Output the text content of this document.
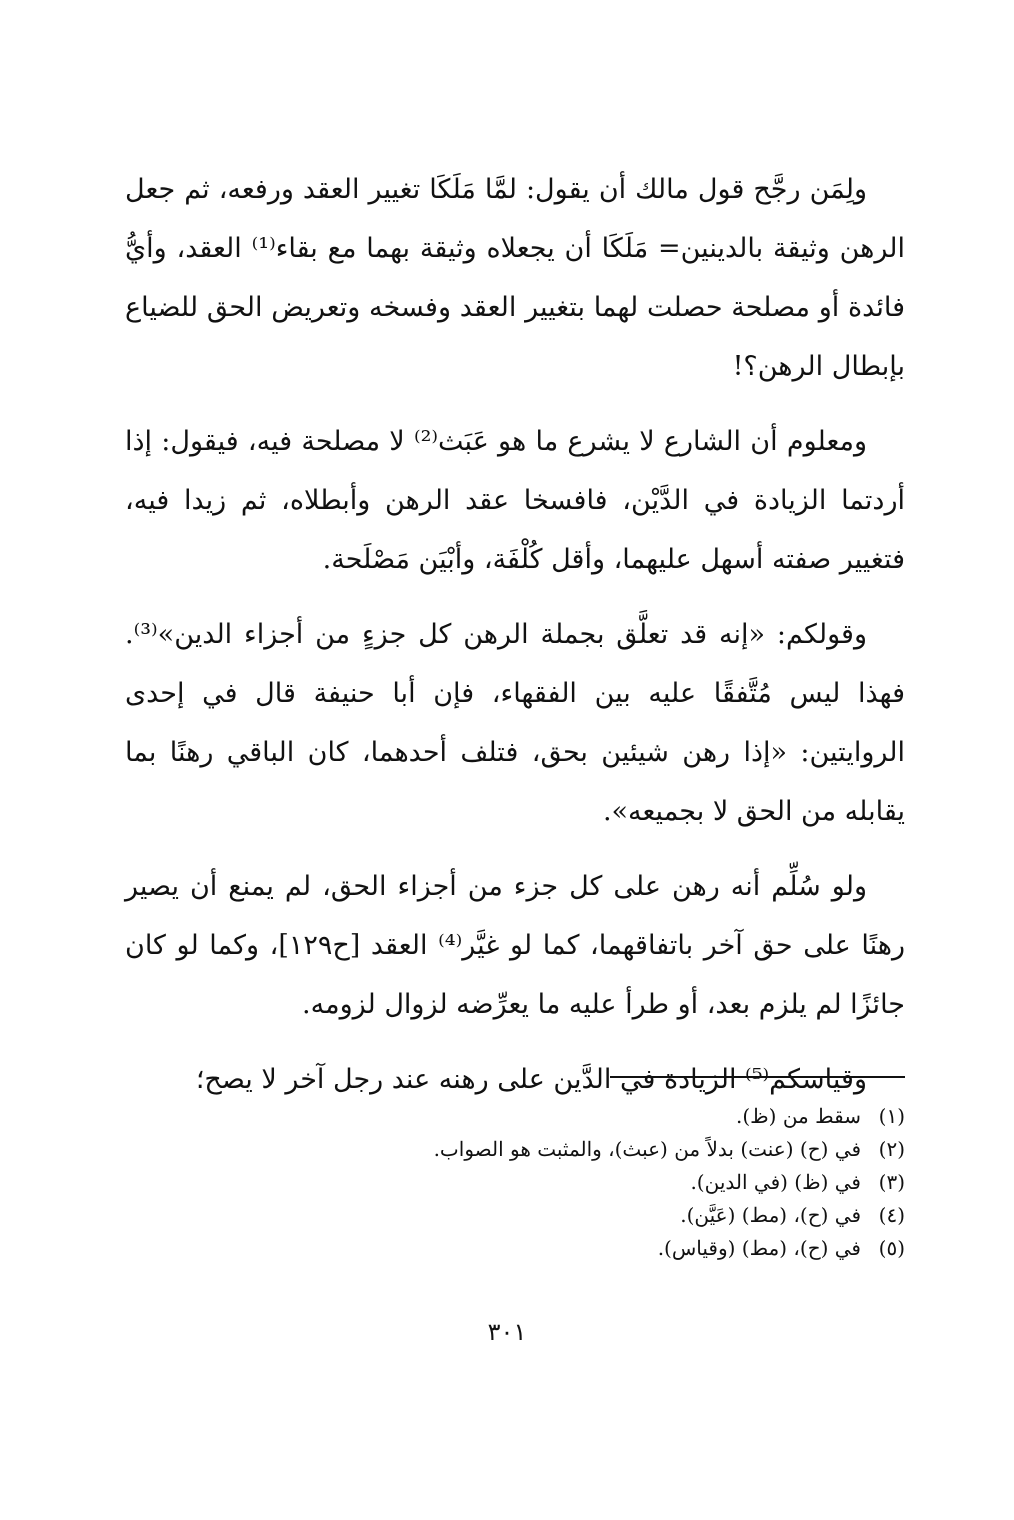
ولِمَن رجَّح قول مالك أن يقول: لمَّا مَلَكَا تغيير العقد ورفعه، ثم جعل الرهن وثيقة بالدينين= مَلَكَا أن يجعلاه وثيقة بهما مع بقاء⁽¹⁾ العقد، وأيُّ فائدة أو مصلحة حصلت لهما بتغيير العقد وفسخه وتعريض الحق للضياع بإبطال الرهن؟!

ومعلوم أن الشارع لا يشرع ما هو عَبَث⁽²⁾ لا مصلحة فيه، فيقول: إذا أردتما الزيادة في الدَّيْن، فافسخا عقد الرهن وأبطلاه، ثم زيدا فيه، فتغيير صفته أسهل عليهما، وأقل كُلْفَة، وأبْيَن مَصْلَحة.

وقولكم: «إنه قد تعلَّق بجملة الرهن كل جزءٍ من أجزاء الدين»⁽³⁾. فهذا ليس مُتَّفقًا عليه بين الفقهاء، فإن أبا حنيفة قال في إحدى الروايتين: «إذا رهن شيئين بحق، فتلف أحدهما، كان الباقي رهنًا بما يقابله من الحق لا بجميعه».

ولو سُلِّم أنه رهن على كل جزء من أجزاء الحق، لم يمنع أن يصير رهنًا على حق آخر باتفاقهما، كما لو غيَّر⁽⁴⁾ العقد [ح١٢٩]، وكما لو كان جائزًا لم يلزم بعد، أو طرأ عليه ما يعرِّضه لزوال لزومه.

وقياسكم⁽⁵⁾ الزيادة في الدَّين على رهنه عند رجل آخر لا يصح؛

(١)سقط من (ظ).

(٢)في (ح) (عنت) بدلاً من (عبث)، والمثبت هو الصواب.

(٣)في (ظ) (في الدين).

(٤)في (ح)، (مط) (عَيَّن).

(٥)في (ح)، (مط) (وقياس).

٣٠١
